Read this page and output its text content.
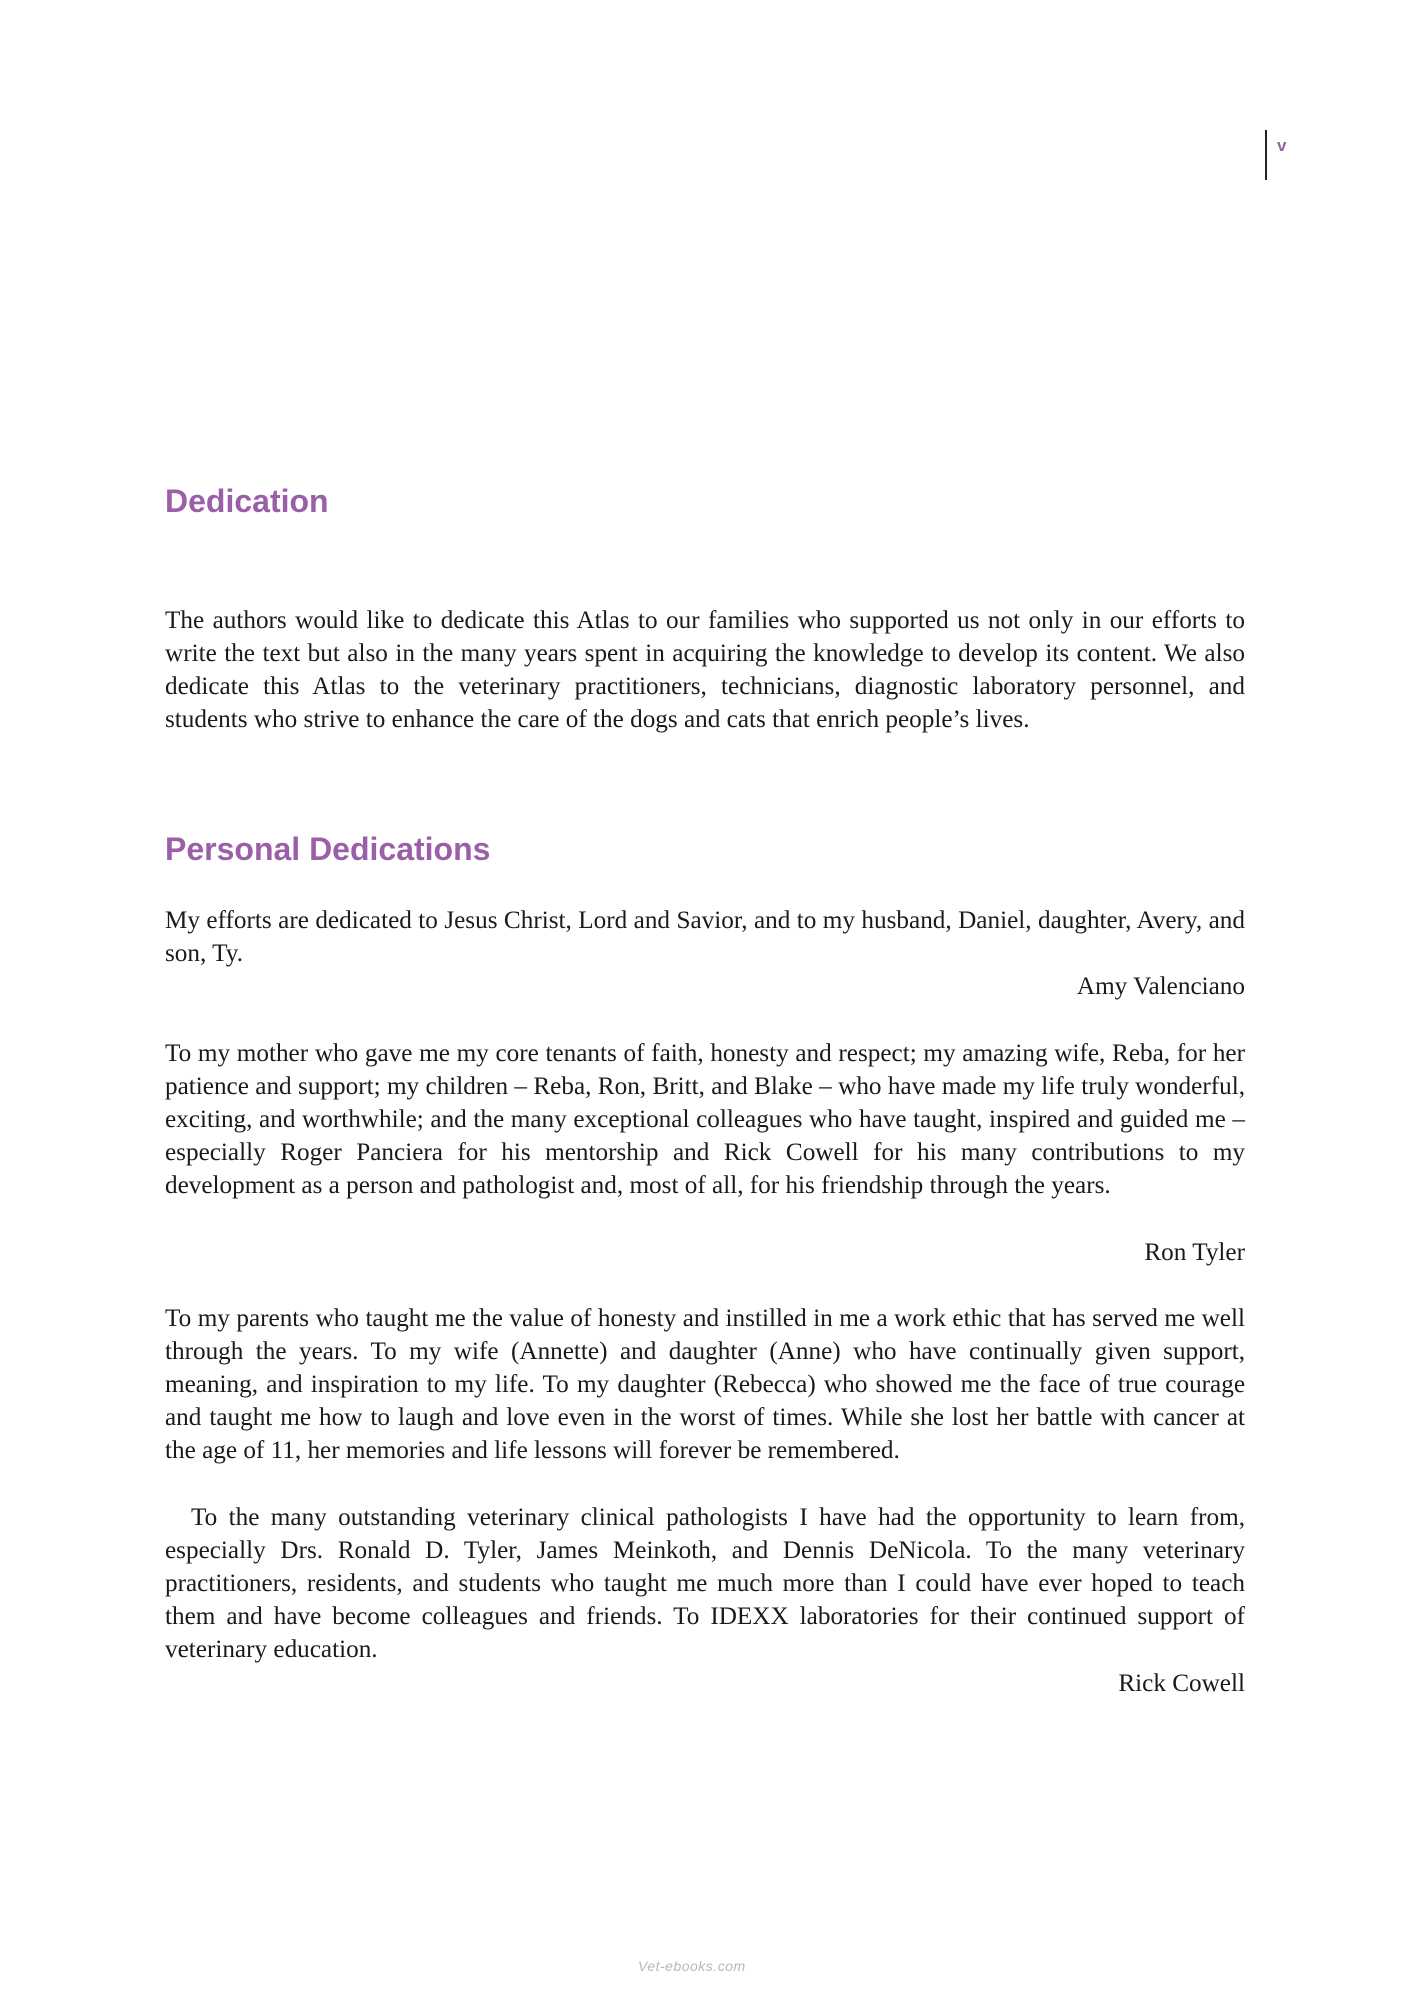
v
Dedication

The authors would like to dedicate this Atlas to our families who supported us not only in our efforts to write the text but also in the many years spent in acquiring the knowledge to develop its content. We also dedicate this Atlas to the veterinary practitioners, technicians, diagnostic laboratory personnel, and students who strive to enhance the care of the dogs and cats that enrich people’s lives.

Personal Dedications

My efforts are dedicated to Jesus Christ, Lord and Savior, and to my husband, Daniel, daughter, Avery, and son, Ty.

Amy Valenciano

To my mother who gave me my core tenants of faith, honesty and respect; my amazing wife, Reba, for her patience and support; my children – Reba, Ron, Britt, and Blake – who have made my life truly wonderful, exciting, and worthwhile; and the many exceptional colleagues who have taught, inspired and guided me – especially Roger Panciera for his mentorship and Rick Cowell for his many contributions to my development as a person and pathologist and, most of all, for his friendship through the years.

Ron Tyler

To my parents who taught me the value of honesty and instilled in me a work ethic that has served me well through the years. To my wife (Annette) and daughter (Anne) who have continually given support, meaning, and inspiration to my life. To my daughter (Rebecca) who showed me the face of true courage and taught me how to laugh and love even in the worst of times. While she lost her battle with cancer at the age of 11, her memories and life lessons will forever be remembered.

To the many outstanding veterinary clinical pathologists I have had the opportunity to learn from, especially Drs. Ronald D. Tyler, James Meinkoth, and Dennis DeNicola. To the many veterinary practitioners, residents, and students who taught me much more than I could have ever hoped to teach them and have become colleagues and friends. To IDEXX laboratories for their continued support of veterinary education.

Rick Cowell
Vet-ebooks.com
